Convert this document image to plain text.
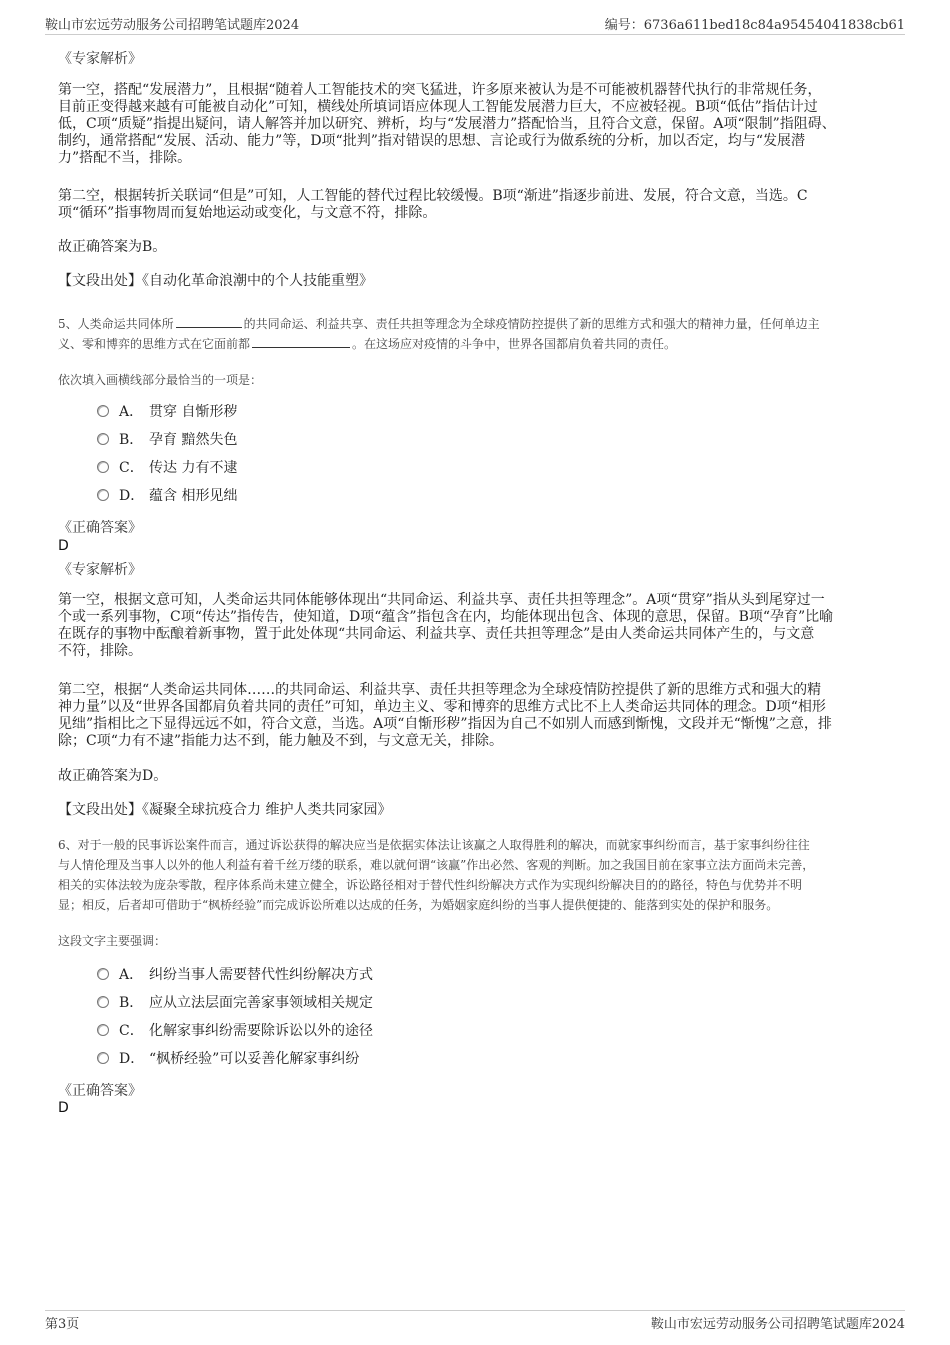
鞍山市宏远劳动服务公司招聘笔试题库2024	编号：6736a611bed18c84a95454041838cb61
《专家解析》
第一空，搭配“发展潜力”，且根据“随着人工智能技术的突飞猛进，许多原来被认为是不可能被机器替代执行的非常规任务，
目前正变得越来越有可能被自动化”可知，横线处所填词语应体现人工智能发展潜力巨大，不应被轻视。B项“低估”指估计过
低，C项“质疑”指提出疑问，请人解答并加以研究、辨析，均与“发展潜力”搭配恰当，且符合文意，保留。A项“限制”指阻碍、
制约，通常搭配“发展、活动、能力”等，D项“批判”指对错误的思想、言论或行为做系统的分析，加以否定，均与“发展潜
力”搭配不当，排除。
第二空，根据转折关联词“但是”可知，人工智能的替代过程比较缓慢。B项“渐进”指逐步前进、发展，符合文意，当选。C
项“循环”指事物周而复始地运动或变化，与文意不符，排除。
故正确答案为B。
【文段出处】《自动化革命浪潮中的个人技能重塑》
5、人类命运共同体所	的共同命运、利益共享、责任共担等理念为全球疫情防控提供了新的思维方式和强大的精神力量，任何单边主
义、零和博弈的思维方式在它面前都	。在这场应对疫情的斗争中，世界各国都肩负着共同的责任。
依次填入画横线部分最恰当的一项是：
A． 贯穿 自惭形秽
B． 孕育 黯然失色
C． 传达 力有不逮
D． 蕴含 相形见绌
《正确答案》
D
《专家解析》
第一空，根据文意可知，人类命运共同体能够体现出“共同命运、利益共享、责任共担等理念”。A项“贯穿”指从头到尾穿过一
个或一系列事物，C项“传达”指传告，使知道，D项“蕴含”指包含在内，均能体现出包含、体现的意思，保留。B项“孕育”比喻
在既存的事物中酝酿着新事物，置于此处体现“共同命运、利益共享、责任共担等理念”是由人类命运共同体产生的，与文意
不符，排除。
第二空，根据“人类命运共同体……的共同命运、利益共享、责任共担等理念为全球疫情防控提供了新的思维方式和强大的精
神力量”以及“世界各国都肩负着共同的责任”可知，单边主义、零和博弈的思维方式比不上人类命运共同体的理念。D项“相形
见绌”指相比之下显得远远不如，符合文意，当选。A项“自惭形秽”指因为自己不如别人而感到惭愧，文段并无“惭愧”之意，排
除；C项“力有不逮”指能力达不到，能力触及不到，与文意无关，排除。
故正确答案为D。
【文段出处】《凝聚全球抗疫合力 维护人类共同家园》
6、对于一般的民事诉讼案件而言，通过诉讼获得的解决应当是依据实体法让该赢之人取得胜利的解决，而就家事纠纷而言，基于家事纠纷往往
与人情伦理及当事人以外的他人利益有着千丝万缕的联系，难以就何谓“该赢”作出必然、客观的判断。加之我国目前在家事立法方面尚未完善，
相关的实体法较为庞杂零散，程序体系尚未建立健全，诉讼路径相对于替代性纠纷解决方式作为实现纠纷解决目的的路径，特色与优势并不明
显；相反，后者却可借助于“枫桥经验”而完成诉讼所难以达成的任务，为婚姻家庭纠纷的当事人提供便捷的、能落到实处的保护和服务。
这段文字主要强调：
A． 纠纷当事人需要替代性纠纷解决方式
B． 应从立法层面完善家事领域相关规定
C． 化解家事纠纷需要除诉讼以外的途径
D． “枫桥经验”可以妥善化解家事纠纷
《正确答案》
D
第3页	鞍山市宏远劳动服务公司招聘笔试题库2024
